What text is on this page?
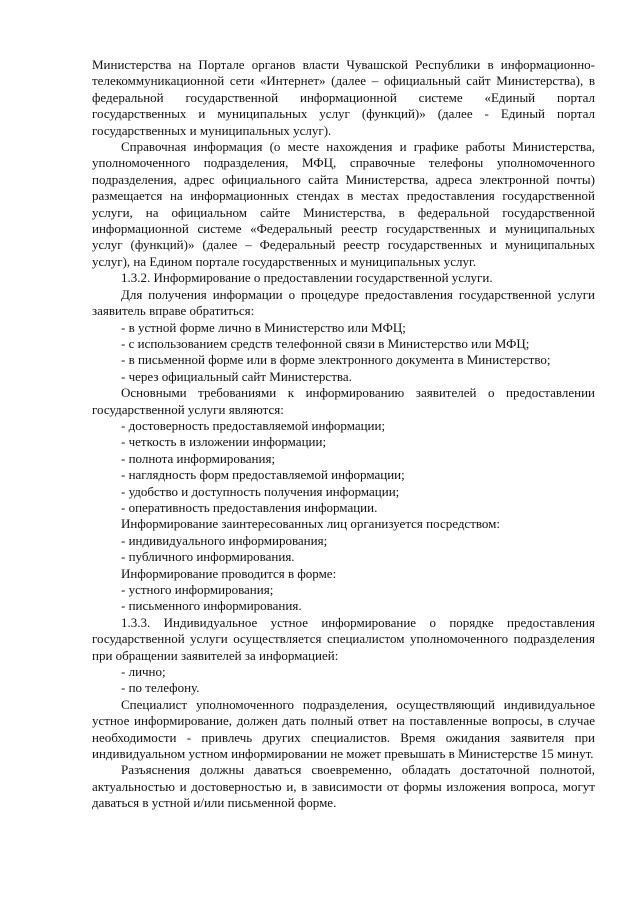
Министерства на Портале органов власти Чувашской Республики в информационно-телекоммуникационной сети «Интернет» (далее – официальный сайт Министерства), в федеральной государственной информационной системе «Единый портал государственных и муниципальных услуг (функций)» (далее - Единый портал государственных и муниципальных услуг).

Справочная информация (о месте нахождения и графике работы Министерства, уполномоченного подразделения, МФЦ, справочные телефоны уполномоченного подразделения, адрес официального сайта Министерства, адреса электронной почты) размещается на информационных стендах в местах предоставления государственной услуги, на официальном сайте Министерства, в федеральной государственной информационной системе «Федеральный реестр государственных и муниципальных услуг (функций)» (далее – Федеральный реестр государственных и муниципальных услуг), на Едином портале государственных и муниципальных услуг.

1.3.2. Информирование о предоставлении государственной услуги.

Для получения информации о процедуре предоставления государственной услуги заявитель вправе обратиться:

- в устной форме лично в Министерство или МФЦ;

- с использованием средств телефонной связи в Министерство или МФЦ;

- в письменной форме или в форме электронного документа в Министерство;

- через официальный сайт Министерства.

Основными требованиями к информированию заявителей о предоставлении государственной услуги являются:

- достоверность предоставляемой информации;

- четкость в изложении информации;

- полнота информирования;

- наглядность форм предоставляемой информации;

- удобство и доступность получения информации;

- оперативность предоставления информации.

Информирование заинтересованных лиц организуется посредством:

- индивидуального информирования;

- публичного информирования.

Информирование проводится в форме:

- устного информирования;

- письменного информирования.

1.3.3. Индивидуальное устное информирование о порядке предоставления государственной услуги осуществляется специалистом уполномоченного подразделения при обращении заявителей за информацией:

- лично;

- по телефону.

Специалист уполномоченного подразделения, осуществляющий индивидуальное устное информирование, должен дать полный ответ на поставленные вопросы, в случае необходимости - привлечь других специалистов. Время ожидания заявителя при индивидуальном устном информировании не может превышать в Министерстве 15 минут.

Разъяснения должны даваться своевременно, обладать достаточной полнотой, актуальностью и достоверностью и, в зависимости от формы изложения вопроса, могут даваться в устной и/или письменной форме.
